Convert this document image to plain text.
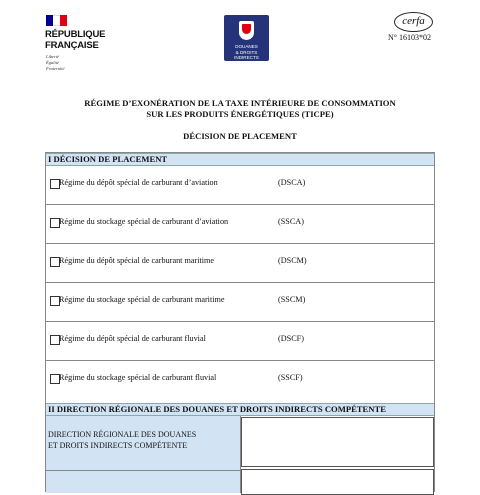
RÉPUBLIQUE
FRANÇAISE
Liberté
Égalité
Fraternité
DOUANES
& DROITS
INDIRECTS
cerfa
N° 16103*02
RÉGIME D’EXONÉRATION DE LA TAXE INTÉRIEURE DE CONSOMMATION
SUR LES PRODUITS ÉNERGÉTIQUES (TICPE)
DÉCISION DE PLACEMENT
I DÉCISION DE PLACEMENT
Régime du dépôt spécial de carburant d’aviation	(DSCA)
Régime du stockage spécial de carburant d’aviation	(SSCA)
Régime du dépôt spécial de carburant maritime	(DSCM)
Régime du stockage spécial de carburant maritime	(SSCM)
Régime du dépôt spécial de carburant fluvial	(DSCF)
Régime du stockage spécial de carburant fluvial	(SSCF)
II DIRECTION RÉGIONALE DES DOUANES ET DROITS INDIRECTS COMPÉTENTE
DIRECTION RÉGIONALE DES DOUANES
ET DROITS INDIRECTS COMPÉTENTE
